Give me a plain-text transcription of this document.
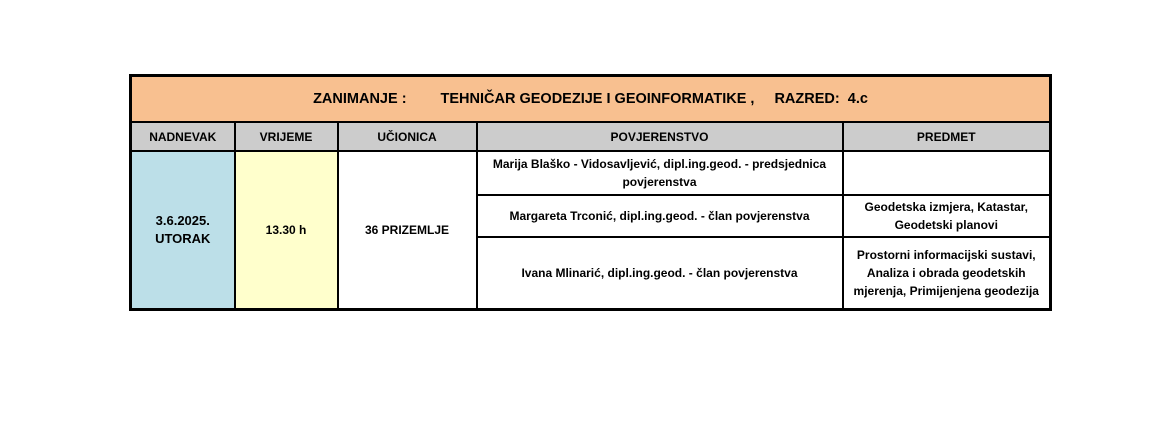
ZANIMANJE : TEHNIČAR GEODEZIJE I GEOINFORMATIKE , RAZRED: 4.c				
NADNEVAK	VRIJEME	UČIONICA	POVJERENSTVO	PREDMET
3.6.2025.
UTORAK	13.30 h	36 PRIZEMLJE	Marija Blaško - Vidosavljević, dipl.ing.geod. - predsjednica povjerenstva	
			Margareta Trconić, dipl.ing.geod. - član povjerenstva	Geodetska izmjera, Katastar, Geodetski planovi
			Ivana Mlinarić, dipl.ing.geod. - član povjerenstva	Prostorni informacijski sustavi, Analiza i obrada geodetskih mjerenja, Primijenjena geodezija
